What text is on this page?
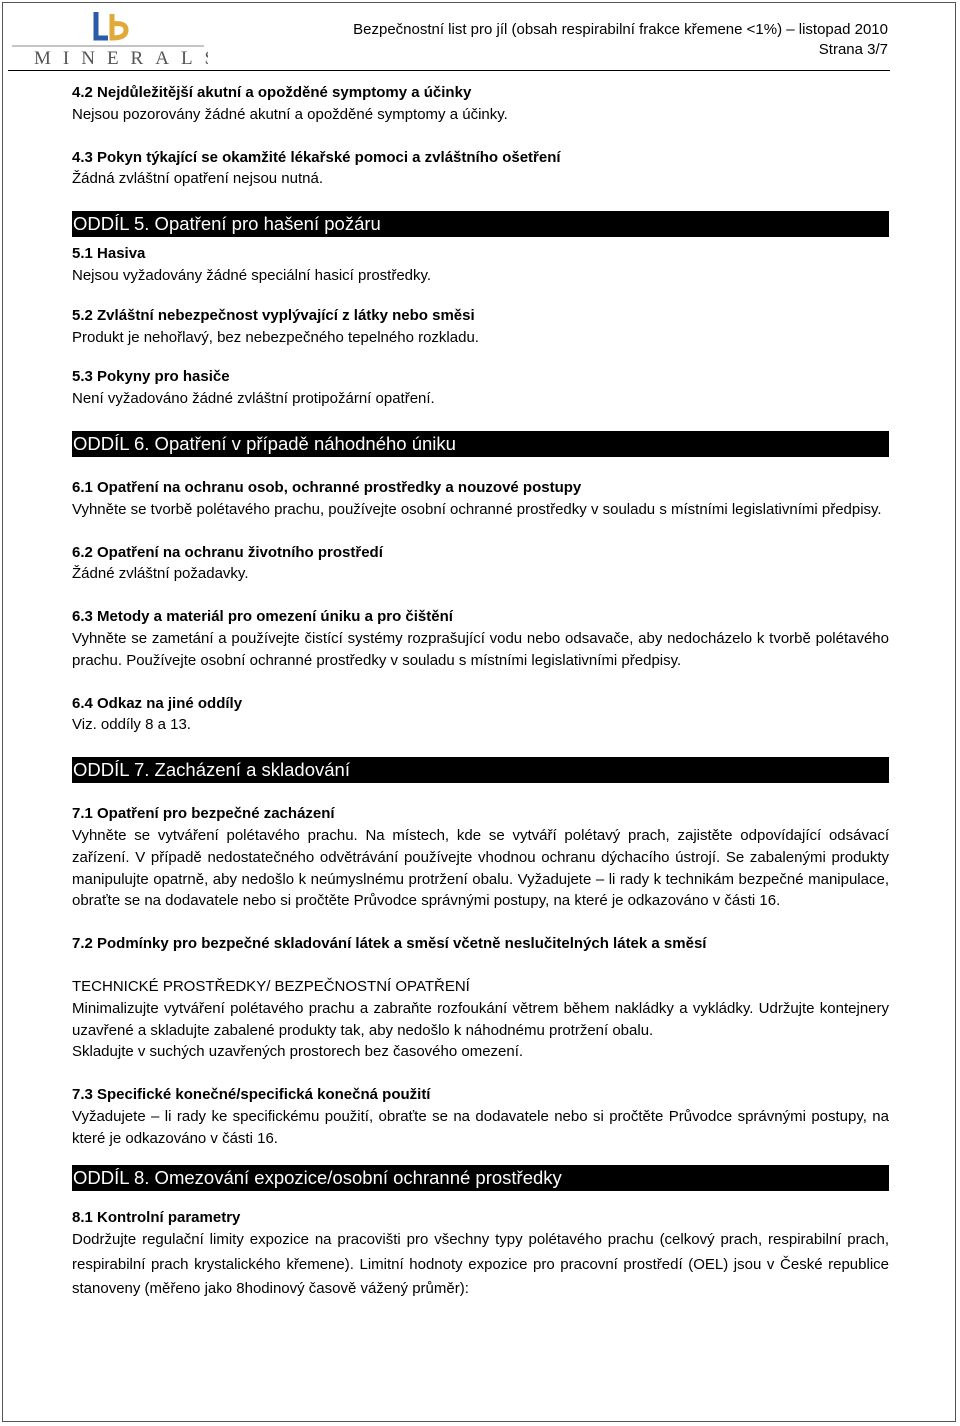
MINERALS
Bezpečnostní list pro jíl (obsah respirabilní frakce křemene <1%) – listopad 2010
Strana 3/7

4.2 Nejdůležitější akutní a opožděné symptomy a účinky

Nejsou pozorovány žádné akutní a opožděné symptomy a účinky.

4.3 Pokyn týkající se okamžité lékařské pomoci a zvláštního ošetření

Žádná zvláštní opatření nejsou nutná.

ODDÍL 5. Opatření pro hašení požáru

5.1 Hasiva

Nejsou vyžadovány žádné speciální hasicí prostředky.

5.2 Zvláštní nebezpečnost vyplývající z látky nebo směsi

Produkt je nehořlavý, bez nebezpečného tepelného rozkladu.

5.3 Pokyny pro hasiče

Není vyžadováno žádné zvláštní protipožární opatření.

ODDÍL 6. Opatření v případě náhodného úniku

6.1 Opatření na ochranu osob, ochranné prostředky a nouzové postupy

Vyhněte se tvorbě polétavého prachu, používejte osobní ochranné prostředky v souladu s místními legislativními předpisy.

6.2 Opatření na ochranu životního prostředí

Žádné zvláštní požadavky.

6.3 Metody a materiál pro omezení úniku a pro čištění

Vyhněte se zametání a používejte čistící systémy rozprašující vodu nebo odsavače, aby nedocházelo k tvorbě polétavého prachu. Používejte osobní ochranné prostředky v souladu s místními legislativními předpisy.

6.4 Odkaz na jiné oddíly

Viz. oddíly 8 a 13.

ODDÍL 7. Zacházení a skladování

7.1 Opatření pro bezpečné zacházení

Vyhněte se vytváření polétavého prachu. Na místech, kde se vytváří polétavý prach, zajistěte odpovídající odsávací zařízení. V případě nedostatečného odvětrávání používejte vhodnou ochranu dýchacího ústrojí. Se zabalenými produkty manipulujte opatrně, aby nedošlo k neúmyslnému protržení obalu. Vyžadujete – li rady k technikám bezpečné manipulace, obraťte se na dodavatele nebo si pročtěte Průvodce správnými postupy, na které je odkazováno v části 16.

7.2 Podmínky pro bezpečné skladování látek a směsí včetně neslučitelných látek a směsí

TECHNICKÉ PROSTŘEDKY/ BEZPEČNOSTNÍ OPATŘENÍ

Minimalizujte vytváření polétavého prachu a zabraňte rozfoukání větrem během nakládky a vykládky. Udržujte kontejnery uzavřené a skladujte zabalené produkty tak, aby nedošlo k náhodnému protržení obalu.

Skladujte v suchých uzavřených prostorech bez časového omezení.

7.3 Specifické konečné/specifická konečná použití

Vyžadujete – li rady ke specifickému použití, obraťte se na dodavatele nebo si pročtěte Průvodce správnými postupy, na které je odkazováno v části 16.

ODDÍL 8. Omezování expozice/osobní ochranné prostředky

8.1 Kontrolní parametry

Dodržujte regulační limity expozice na pracovišti pro všechny typy polétavého prachu (celkový prach, respirabilní prach, respirabilní prach krystalického křemene). Limitní hodnoty expozice pro pracovní prostředí (OEL) jsou v České republice stanoveny (měřeno jako 8hodinový časově vážený průměr):
